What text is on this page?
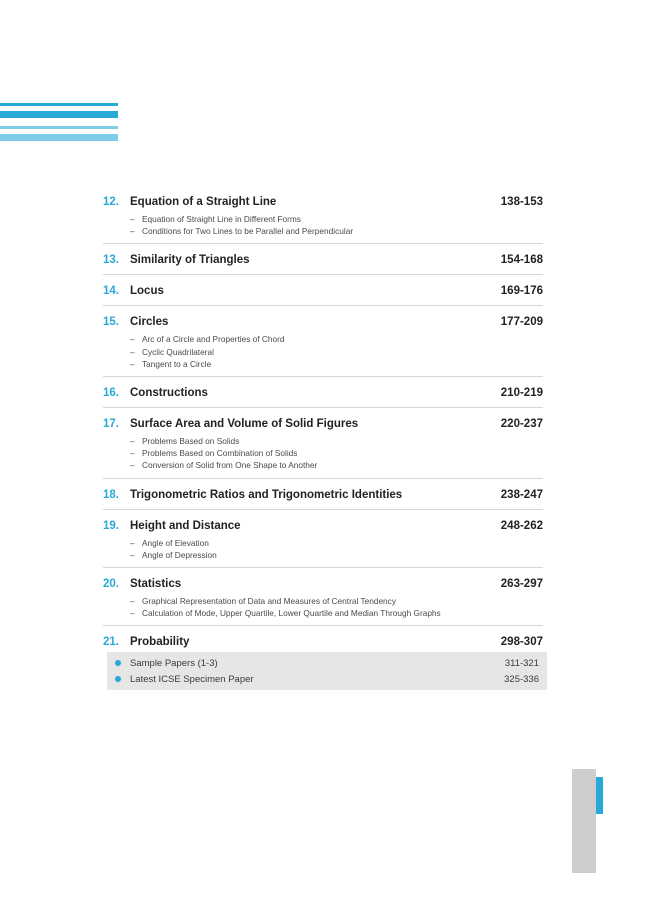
12. Equation of a Straight Line	138-153
– Equation of Straight Line in Different Forms
– Conditions for Two Lines to be Parallel and Perpendicular
13. Similarity of Triangles	154-168
14. Locus	169-176
15. Circles	177-209
– Arc of a Circle and Properties of Chord
– Cyclic Quadrilateral
– Tangent to a Circle
16. Constructions	210-219
17. Surface Area and Volume of Solid Figures	220-237
– Problems Based on Solids
– Problems Based on Combination of Solids
– Conversion of Solid from One Shape to Another
18. Trigonometric Ratios and Trigonometric Identities	238-247
19. Height and Distance	248-262
– Angle of Elevation
– Angle of Depression
20. Statistics	263-297
– Graphical Representation of Data and Measures of Central Tendency
– Calculation of Mode, Upper Quartile, Lower Quartile and Median Through Graphs
21. Probability	298-307
Sample Papers (1-3)	311-321
Latest ICSE Specimen Paper	325-336
